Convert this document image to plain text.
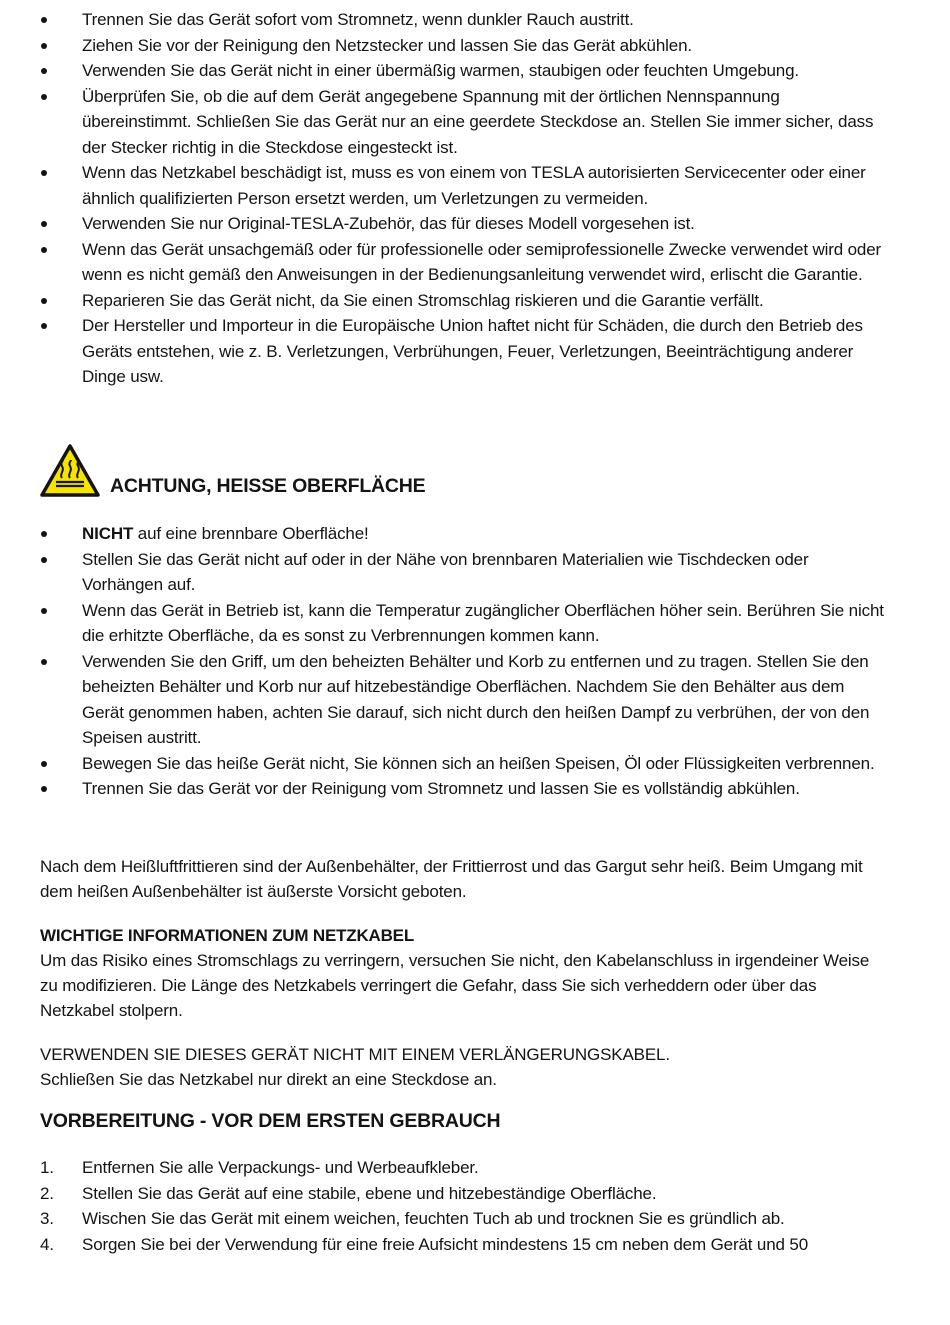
Trennen Sie das Gerät sofort vom Stromnetz, wenn dunkler Rauch austritt.
Ziehen Sie vor der Reinigung den Netzstecker und lassen Sie das Gerät abkühlen.
Verwenden Sie das Gerät nicht in einer übermäßig warmen, staubigen oder feuchten Umgebung.
Überprüfen Sie, ob die auf dem Gerät angegebene Spannung mit der örtlichen Nennspannung übereinstimmt. Schließen Sie das Gerät nur an eine geerdete Steckdose an. Stellen Sie immer sicher, dass der Stecker richtig in die Steckdose eingesteckt ist.
Wenn das Netzkabel beschädigt ist, muss es von einem von TESLA autorisierten Servicecenter oder einer ähnlich qualifizierten Person ersetzt werden, um Verletzungen zu vermeiden.
Verwenden Sie nur Original-TESLA-Zubehör, das für dieses Modell vorgesehen ist.
Wenn das Gerät unsachgemäß oder für professionelle oder semiprofessionelle Zwecke verwendet wird oder wenn es nicht gemäß den Anweisungen in der Bedienungsanleitung verwendet wird, erlischt die Garantie.
Reparieren Sie das Gerät nicht, da Sie einen Stromschlag riskieren und die Garantie verfällt.
Der Hersteller und Importeur in die Europäische Union haftet nicht für Schäden, die durch den Betrieb des Geräts entstehen, wie z. B. Verletzungen, Verbrühungen, Feuer, Verletzungen, Beeinträchtigung anderer Dinge usw.
ACHTUNG, HEISSE OBERFLÄCHE
NICHT auf eine brennbare Oberfläche!
Stellen Sie das Gerät nicht auf oder in der Nähe von brennbaren Materialien wie Tischdecken oder Vorhängen auf.
Wenn das Gerät in Betrieb ist, kann die Temperatur zugänglicher Oberflächen höher sein. Berühren Sie nicht die erhitzte Oberfläche, da es sonst zu Verbrennungen kommen kann.
Verwenden Sie den Griff, um den beheizten Behälter und Korb zu entfernen und zu tragen. Stellen Sie den beheizten Behälter und Korb nur auf hitzebeständige Oberflächen. Nachdem Sie den Behälter aus dem Gerät genommen haben, achten Sie darauf, sich nicht durch den heißen Dampf zu verbrühen, der von den Speisen austritt.
Bewegen Sie das heiße Gerät nicht, Sie können sich an heißen Speisen, Öl oder Flüssigkeiten verbrennen.
Trennen Sie das Gerät vor der Reinigung vom Stromnetz und lassen Sie es vollständig abkühlen.

Nach dem Heißluftfrittieren sind der Außenbehälter, der Frittierrost und das Gargut sehr heiß. Beim Umgang mit dem heißen Außenbehälter ist äußerste Vorsicht geboten.

WICHTIGE INFORMATIONEN ZUM NETZKABEL
Um das Risiko eines Stromschlags zu verringern, versuchen Sie nicht, den Kabelanschluss in irgendeiner Weise zu modifizieren. Die Länge des Netzkabels verringert die Gefahr, dass Sie sich verheddern oder über das Netzkabel stolpern.
VERWENDEN SIE DIESES GERÄT NICHT MIT EINEM VERLÄNGERUNGSKABEL.
Schließen Sie das Netzkabel nur direkt an eine Steckdose an.
VORBEREITUNG - VOR DEM ERSTEN GEBRAUCH
1. Entfernen Sie alle Verpackungs- und Werbeaufkleber.
2. Stellen Sie das Gerät auf eine stabile, ebene und hitzebeständige Oberfläche.
3. Wischen Sie das Gerät mit einem weichen, feuchten Tuch ab und trocknen Sie es gründlich ab.
4. Sorgen Sie bei der Verwendung für eine freie Aufsicht mindestens 15 cm neben dem Gerät und 50
